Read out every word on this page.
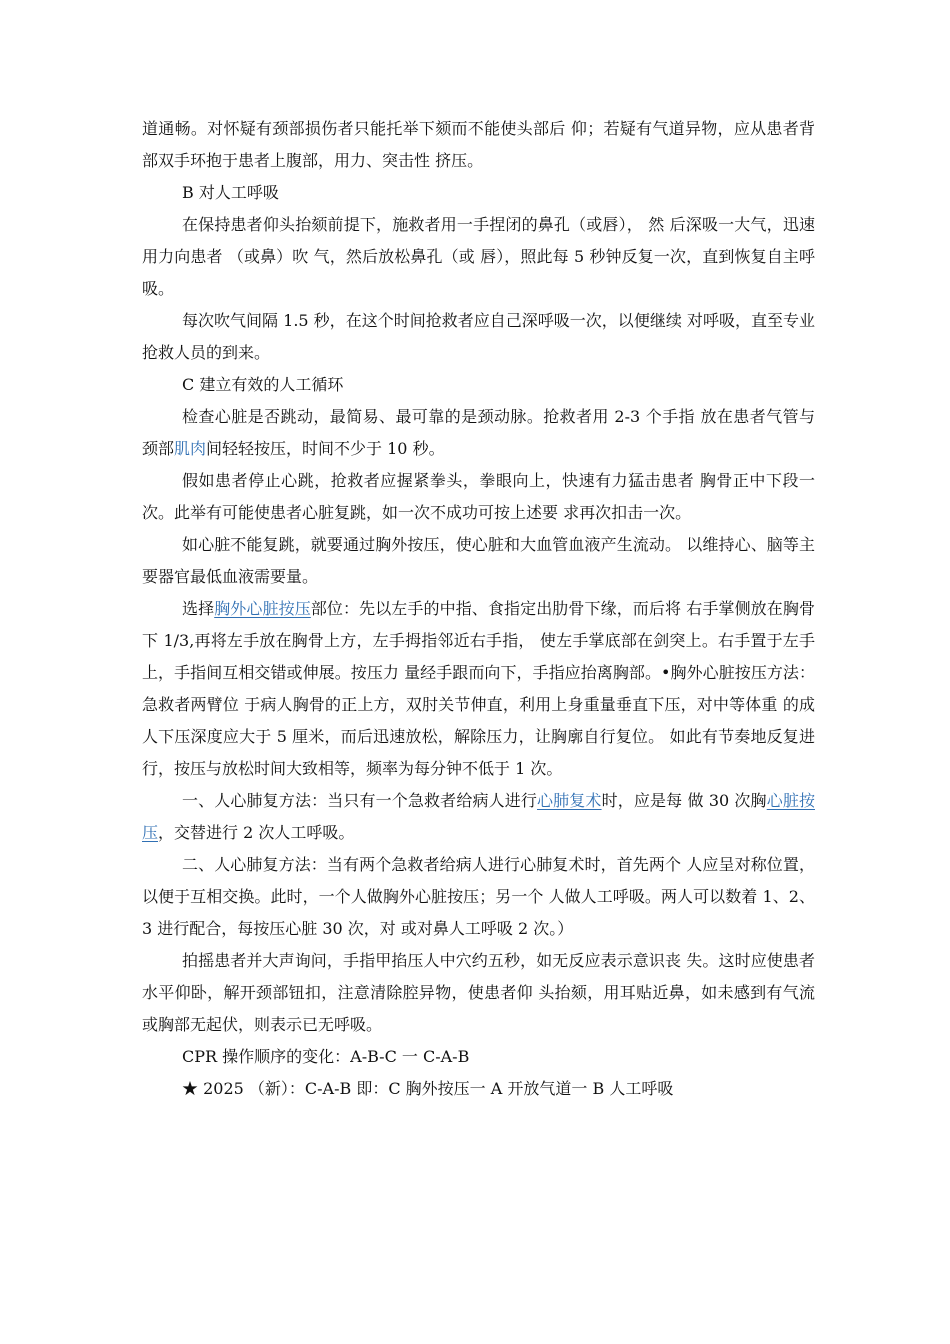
道通畅。对怀疑有颈部损伤者只能托举下颏而不能使头部后 仰；若疑有气道异物，应从患者背部双手环抱于患者上腹部，用力、突击性 挤压。

B 对人工呼吸

在保持患者仰头抬颏前提下，施救者用一手捏闭的鼻孔（或唇）， 然 后深吸一大气，迅速用力向患者 （或鼻）吹 气，然后放松鼻孔（或 唇），照此每 5 秒钟反复一次，直到恢复自主呼吸。

每次吹气间隔 1.5 秒，在这个时间抢救者应自己深呼吸一次，以便继续 对呼吸，直至专业抢救人员的到来。

C 建立有效的人工循环

检查心脏是否跳动，最简易、最可靠的是颈动脉。抢救者用 2-3 个手指 放在患者气管与颈部肌肉间轻轻按压，时间不少于 10 秒。

假如患者停止心跳，抢救者应握紧拳头，拳眼向上，快速有力猛击患者 胸骨正中下段一次。此举有可能使患者心脏复跳，如一次不成功可按上述要 求再次扣击一次。

如心脏不能复跳，就要通过胸外按压，使心脏和大血管血液产生流动。 以维持心、脑等主要器官最低血液需要量。

选择胸外心脏按压部位：先以左手的中指、食指定出肋骨下缘，而后将 右手掌侧放在胸骨下 1/3,再将左手放在胸骨上方，左手拇指邻近右手指， 使左手掌底部在剑突上。右手置于左手上，手指间互相交错或伸展。按压力 量经手跟而向下，手指应抬离胸部。•胸外心脏按压方法：急救者两臂位 于病人胸骨的正上方，双肘关节伸直，利用上身重量垂直下压，对中等体重 的成人下压深度应大于 5 厘米，而后迅速放松，解除压力，让胸廓自行复位。 如此有节奏地反复进行，按压与放松时间大致相等，频率为每分钟不低于 1 次。

一、人心肺复方法：当只有一个急救者给病人进行心肺复术时，应是每 做 30 次胸心脏按压，交替进行 2 次人工呼吸。

二、人心肺复方法：当有两个急救者给病人进行心肺复术时，首先两个 人应呈对称位置，以便于互相交换。此时，一个人做胸外心脏按压；另一个 人做人工呼吸。两人可以数着 1、2、3 进行配合，每按压心脏 30 次，对 或对鼻人工呼吸 2 次。）

拍摇患者并大声询问，手指甲掐压人中穴约五秒，如无反应表示意识丧 失。这时应使患者水平仰卧，解开颈部钮扣，注意清除腔异物，使患者仰 头抬颏，用耳贴近鼻，如未感到有气流或胸部无起伏，则表示已无呼吸。

CPR 操作顺序的变化：A-B-C 一 C-A-B

★ 2025 （新）：C-A-B 即：C 胸外按压一 A 开放气道一 B 人工呼吸
